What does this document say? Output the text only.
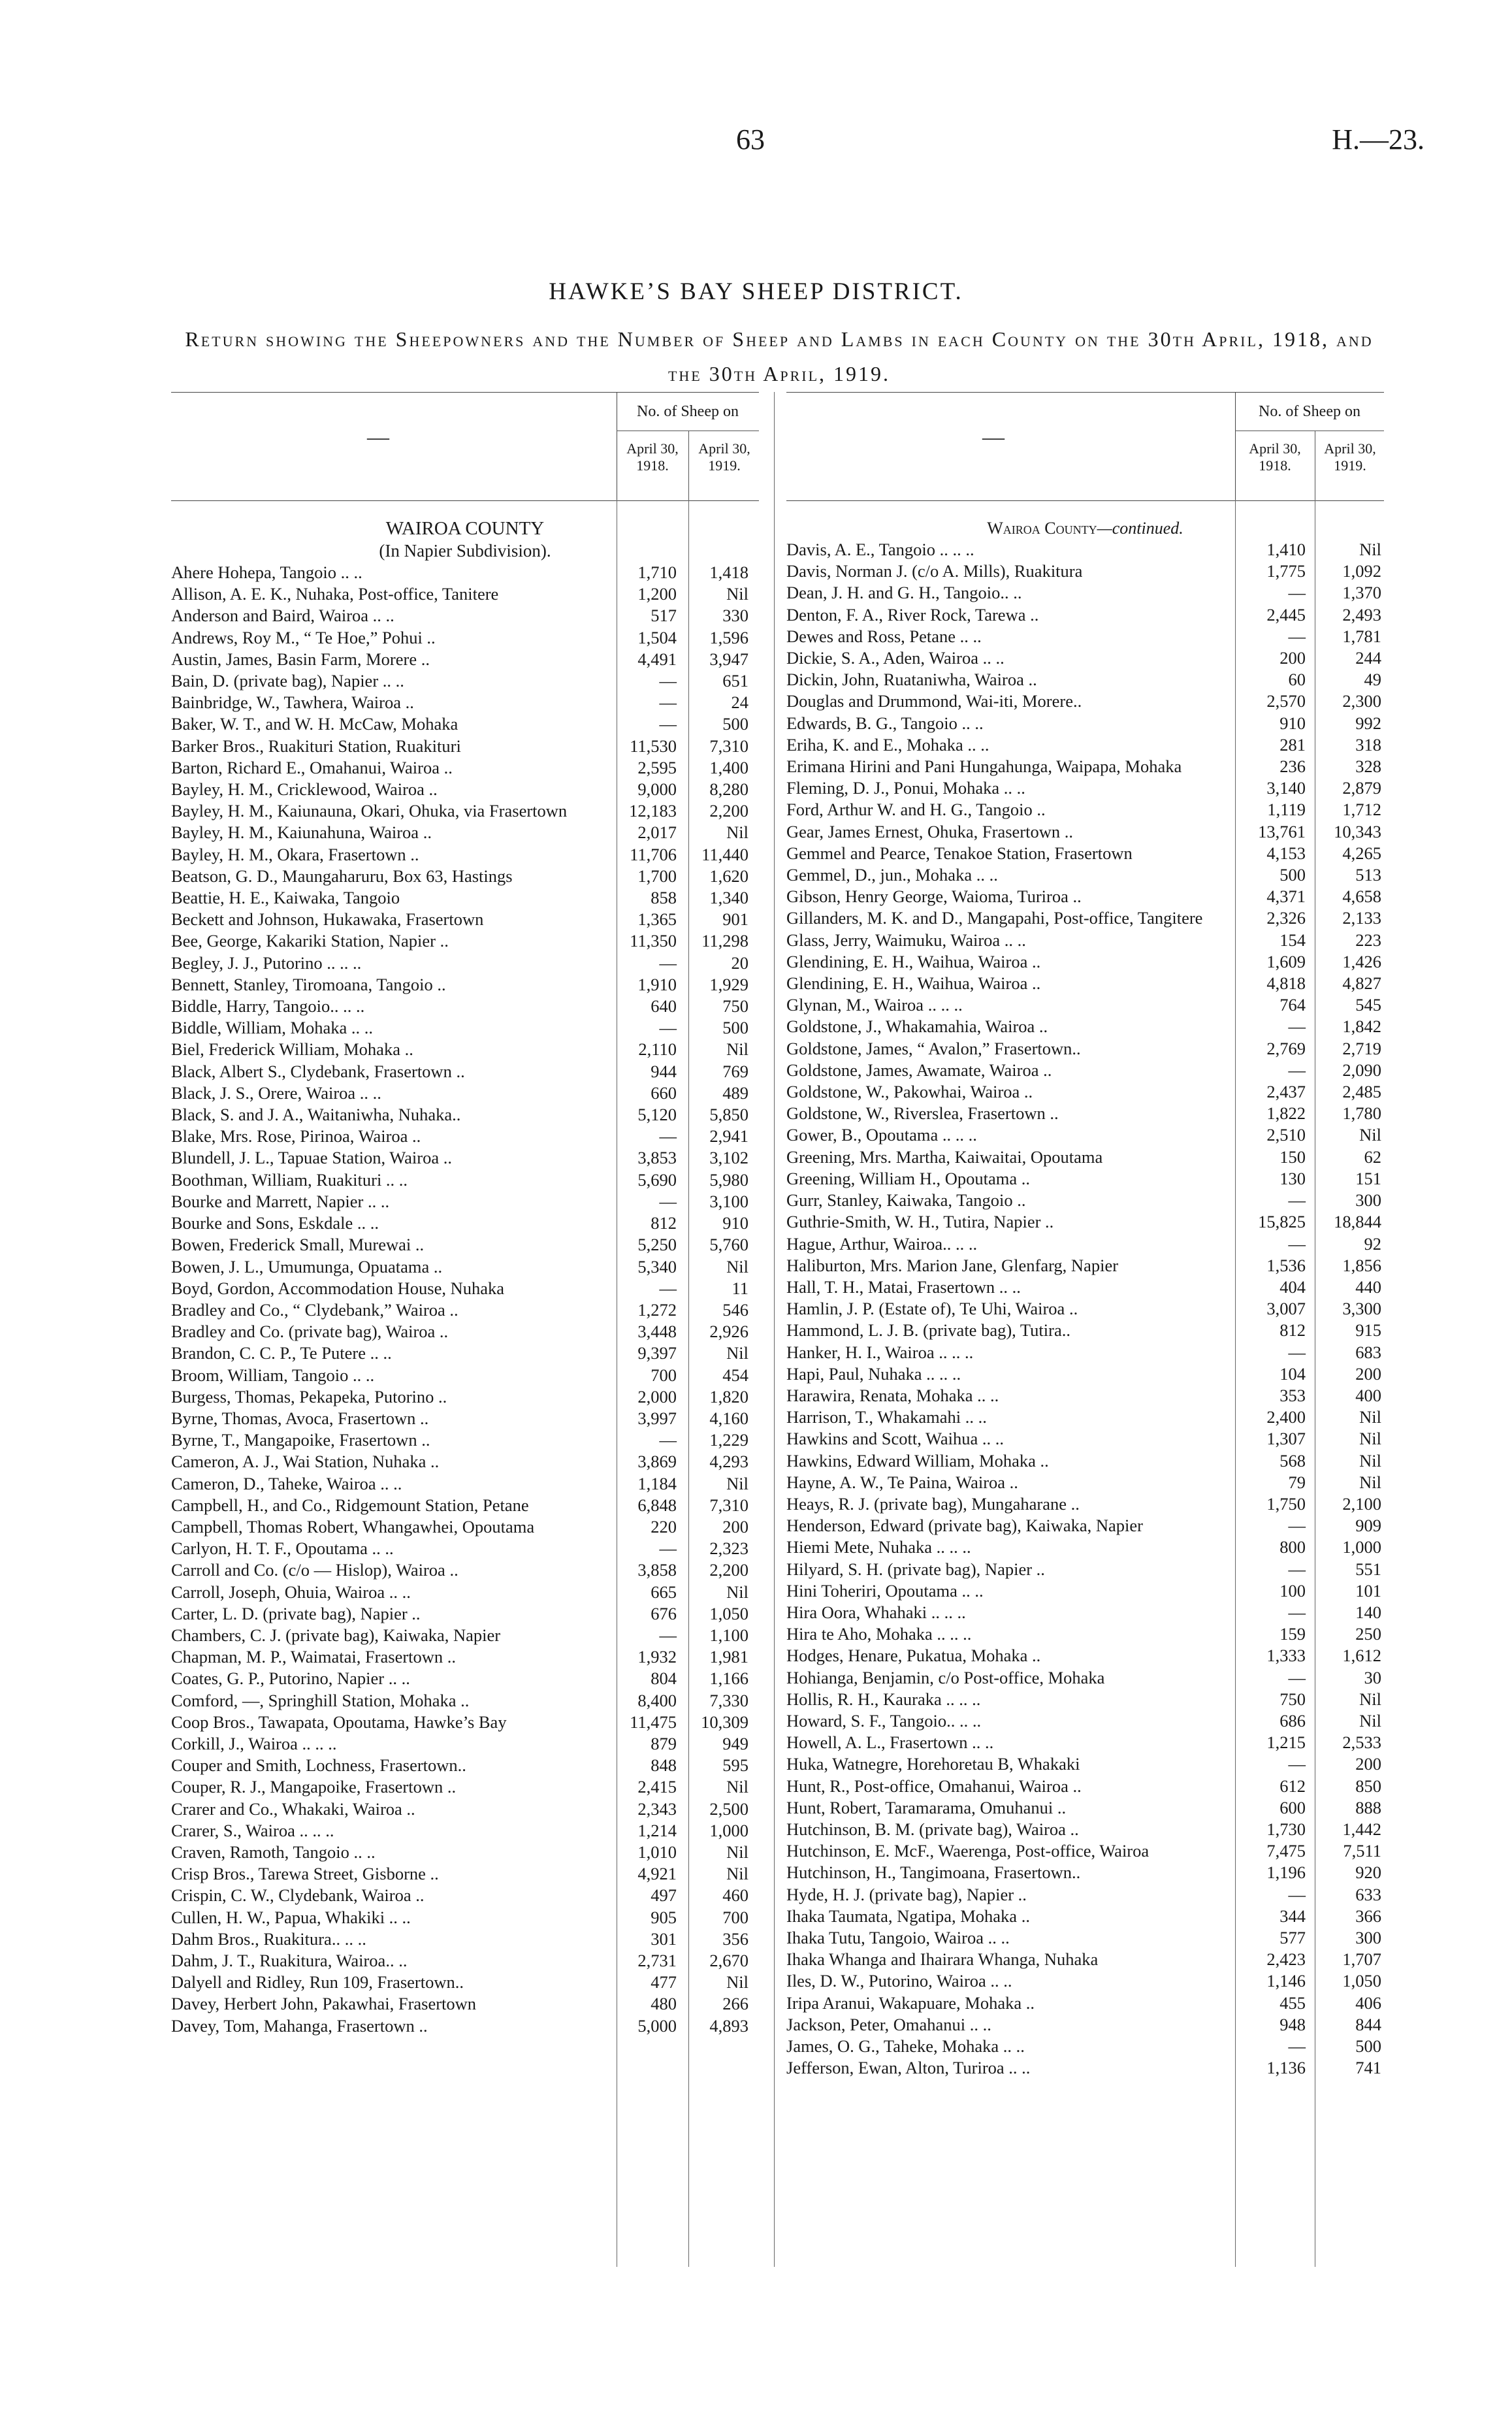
63	H.—23.
HAWKE’S BAY SHEEP DISTRICT.
Return showing the Sheepowners and the Number of Sheep and Lambs in each County on the 30th April, 1918, and the 30th April, 1919.
—
No. of Sheep on
April 30, 1918.
April 30, 1919.
WAIROA COUNTY
(In Napier Subdivision).
Ahere Hohepa, Tangoio .. ..	1,710	1,418
Allison, A. E. K., Nuhaka, Post-office, Tanitere	1,200	Nil
Anderson and Baird, Wairoa .. ..	517	330
Andrews, Roy M., “ Te Hoe,” Pohui ..	1,504	1,596
Austin, James, Basin Farm, Morere ..	4,491	3,947
Bain, D. (private bag), Napier .. ..	—	651
Bainbridge, W., Tawhera, Wairoa ..	—	24
Baker, W. T., and W. H. McCaw, Mohaka	—	500
Barker Bros., Ruakituri Station, Ruakituri	11,530	7,310
Barton, Richard E., Omahanui, Wairoa ..	2,595	1,400
Bayley, H. M., Cricklewood, Wairoa ..	9,000	8,280
Bayley, H. M., Kaiunauna, Okari, Ohuka, via Frasertown	12,183	2,200
Bayley, H. M., Kaiunahuna, Wairoa ..	2,017	Nil
Bayley, H. M., Okara, Frasertown ..	11,706	11,440
Beatson, G. D., Maungaharuru, Box 63, Hastings	1,700	1,620
Beattie, H. E., Kaiwaka, Tangoio	858	1,340
Beckett and Johnson, Hukawaka, Frasertown	1,365	901
Bee, George, Kakariki Station, Napier ..	11,350	11,298
Begley, J. J., Putorino .. .. ..	—	20
Bennett, Stanley, Tiromoana, Tangoio ..	1,910	1,929
Biddle, Harry, Tangoio.. .. ..	640	750
Biddle, William, Mohaka .. ..	—	500
Biel, Frederick William, Mohaka ..	2,110	Nil
Black, Albert S., Clydebank, Frasertown ..	944	769
Black, J. S., Orere, Wairoa .. ..	660	489
Black, S. and J. A., Waitaniwha, Nuhaka..	5,120	5,850
Blake, Mrs. Rose, Pirinoa, Wairoa ..	—	2,941
Blundell, J. L., Tapuae Station, Wairoa ..	3,853	3,102
Boothman, William, Ruakituri .. ..	5,690	5,980
Bourke and Marrett, Napier .. ..	—	3,100
Bourke and Sons, Eskdale .. ..	812	910
Bowen, Frederick Small, Murewai ..	5,250	5,760
Bowen, J. L., Umumunga, Opuatama ..	5,340	Nil
Boyd, Gordon, Accommodation House, Nuhaka	—	11
Bradley and Co., “ Clydebank,” Wairoa ..	1,272	546
Bradley and Co. (private bag), Wairoa ..	3,448	2,926
Brandon, C. C. P., Te Putere .. ..	9,397	Nil
Broom, William, Tangoio .. ..	700	454
Burgess, Thomas, Pekapeka, Putorino ..	2,000	1,820
Byrne, Thomas, Avoca, Frasertown ..	3,997	4,160
Byrne, T., Mangapoike, Frasertown ..	—	1,229
Cameron, A. J., Wai Station, Nuhaka ..	3,869	4,293
Cameron, D., Taheke, Wairoa .. ..	1,184	Nil
Campbell, H., and Co., Ridgemount Station, Petane	6,848	7,310
Campbell, Thomas Robert, Whangawhei, Opoutama	220	200
Carlyon, H. T. F., Opoutama .. ..	—	2,323
Carroll and Co. (c/o — Hislop), Wairoa ..	3,858	2,200
Carroll, Joseph, Ohuia, Wairoa .. ..	665	Nil
Carter, L. D. (private bag), Napier ..	676	1,050
Chambers, C. J. (private bag), Kaiwaka, Napier	—	1,100
Chapman, M. P., Waimatai, Frasertown ..	1,932	1,981
Coates, G. P., Putorino, Napier .. ..	804	1,166
Comford, —, Springhill Station, Mohaka ..	8,400	7,330
Coop Bros., Tawapata, Opoutama, Hawke’s Bay	11,475	10,309
Corkill, J., Wairoa .. .. ..	879	949
Couper and Smith, Lochness, Frasertown..	848	595
Couper, R. J., Mangapoike, Frasertown ..	2,415	Nil
Crarer and Co., Whakaki, Wairoa ..	2,343	2,500
Crarer, S., Wairoa .. .. ..	1,214	1,000
Craven, Ramoth, Tangoio .. ..	1,010	Nil
Crisp Bros., Tarewa Street, Gisborne ..	4,921	Nil
Crispin, C. W., Clydebank, Wairoa ..	497	460
Cullen, H. W., Papua, Whakiki .. ..	905	700
Dahm Bros., Ruakitura.. .. ..	301	356
Dahm, J. T., Ruakitura, Wairoa.. ..	2,731	2,670
Dalyell and Ridley, Run 109, Frasertown..	477	Nil
Davey, Herbert John, Pakawhai, Frasertown	480	266
Davey, Tom, Mahanga, Frasertown ..	5,000	4,893
—
No. of Sheep on
April 30, 1918.
April 30, 1919.
Wairoa County—continued.
Davis, A. E., Tangoio .. .. ..	1,410	Nil
Davis, Norman J. (c/o A. Mills), Ruakitura	1,775	1,092
Dean, J. H. and G. H., Tangoio.. ..	—	1,370
Denton, F. A., River Rock, Tarewa ..	2,445	2,493
Dewes and Ross, Petane .. ..	—	1,781
Dickie, S. A., Aden, Wairoa .. ..	200	244
Dickin, John, Ruataniwha, Wairoa ..	60	49
Douglas and Drummond, Wai-iti, Morere..	2,570	2,300
Edwards, B. G., Tangoio .. ..	910	992
Eriha, K. and E., Mohaka .. ..	281	318
Erimana Hirini and Pani Hungahunga, Waipapa, Mohaka	236	328
Fleming, D. J., Ponui, Mohaka .. ..	3,140	2,879
Ford, Arthur W. and H. G., Tangoio ..	1,119	1,712
Gear, James Ernest, Ohuka, Frasertown ..	13,761	10,343
Gemmel and Pearce, Tenakoe Station, Frasertown	4,153	4,265
Gemmel, D., jun., Mohaka .. ..	500	513
Gibson, Henry George, Waioma, Turiroa ..	4,371	4,658
Gillanders, M. K. and D., Mangapahi, Post-office, Tangitere	2,326	2,133
Glass, Jerry, Waimuku, Wairoa .. ..	154	223
Glendining, E. H., Waihua, Wairoa ..	1,609	1,426
Glendining, E. H., Waihua, Wairoa ..	4,818	4,827
Glynan, M., Wairoa .. .. ..	764	545
Goldstone, J., Whakamahia, Wairoa ..	—	1,842
Goldstone, James, “ Avalon,” Frasertown..	2,769	2,719
Goldstone, James, Awamate, Wairoa ..	—	2,090
Goldstone, W., Pakowhai, Wairoa ..	2,437	2,485
Goldstone, W., Riverslea, Frasertown ..	1,822	1,780
Gower, B., Opoutama .. .. ..	2,510	Nil
Greening, Mrs. Martha, Kaiwaitai, Opoutama	150	62
Greening, William H., Opoutama ..	130	151
Gurr, Stanley, Kaiwaka, Tangoio ..	—	300
Guthrie-Smith, W. H., Tutira, Napier ..	15,825	18,844
Hague, Arthur, Wairoa.. .. ..	—	92
Haliburton, Mrs. Marion Jane, Glenfarg, Napier	1,536	1,856
Hall, T. H., Matai, Frasertown .. ..	404	440
Hamlin, J. P. (Estate of), Te Uhi, Wairoa ..	3,007	3,300
Hammond, L. J. B. (private bag), Tutira..	812	915
Hanker, H. I., Wairoa .. .. ..	—	683
Hapi, Paul, Nuhaka .. .. ..	104	200
Harawira, Renata, Mohaka .. ..	353	400
Harrison, T., Whakamahi .. ..	2,400	Nil
Hawkins and Scott, Waihua .. ..	1,307	Nil
Hawkins, Edward William, Mohaka ..	568	Nil
Hayne, A. W., Te Paina, Wairoa ..	79	Nil
Heays, R. J. (private bag), Mungaharane ..	1,750	2,100
Henderson, Edward (private bag), Kaiwaka, Napier	—	909
Hiemi Mete, Nuhaka .. .. ..	800	1,000
Hilyard, S. H. (private bag), Napier ..	—	551
Hini Toheriri, Opoutama .. ..	100	101
Hira Oora, Whahaki .. .. ..	—	140
Hira te Aho, Mohaka .. .. ..	159	250
Hodges, Henare, Pukatua, Mohaka ..	1,333	1,612
Hohianga, Benjamin, c/o Post-office, Mohaka	—	30
Hollis, R. H., Kauraka .. .. ..	750	Nil
Howard, S. F., Tangoio.. .. ..	686	Nil
Howell, A. L., Frasertown .. ..	1,215	2,533
Huka, Watnegre, Horehoretau B, Whakaki	—	200
Hunt, R., Post-office, Omahanui, Wairoa ..	612	850
Hunt, Robert, Taramarama, Omuhanui ..	600	888
Hutchinson, B. M. (private bag), Wairoa ..	1,730	1,442
Hutchinson, E. McF., Waerenga, Post-office, Wairoa	7,475	7,511
Hutchinson, H., Tangimoana, Frasertown..	1,196	920
Hyde, H. J. (private bag), Napier ..	—	633
Ihaka Taumata, Ngatipa, Mohaka ..	344	366
Ihaka Tutu, Tangoio, Wairoa .. ..	577	300
Ihaka Whanga and Ihairara Whanga, Nuhaka	2,423	1,707
Iles, D. W., Putorino, Wairoa .. ..	1,146	1,050
Iripa Aranui, Wakapuare, Mohaka ..	455	406
Jackson, Peter, Omahanui .. ..	948	844
James, O. G., Taheke, Mohaka .. ..	—	500
Jefferson, Ewan, Alton, Turiroa .. ..	1,136	741
